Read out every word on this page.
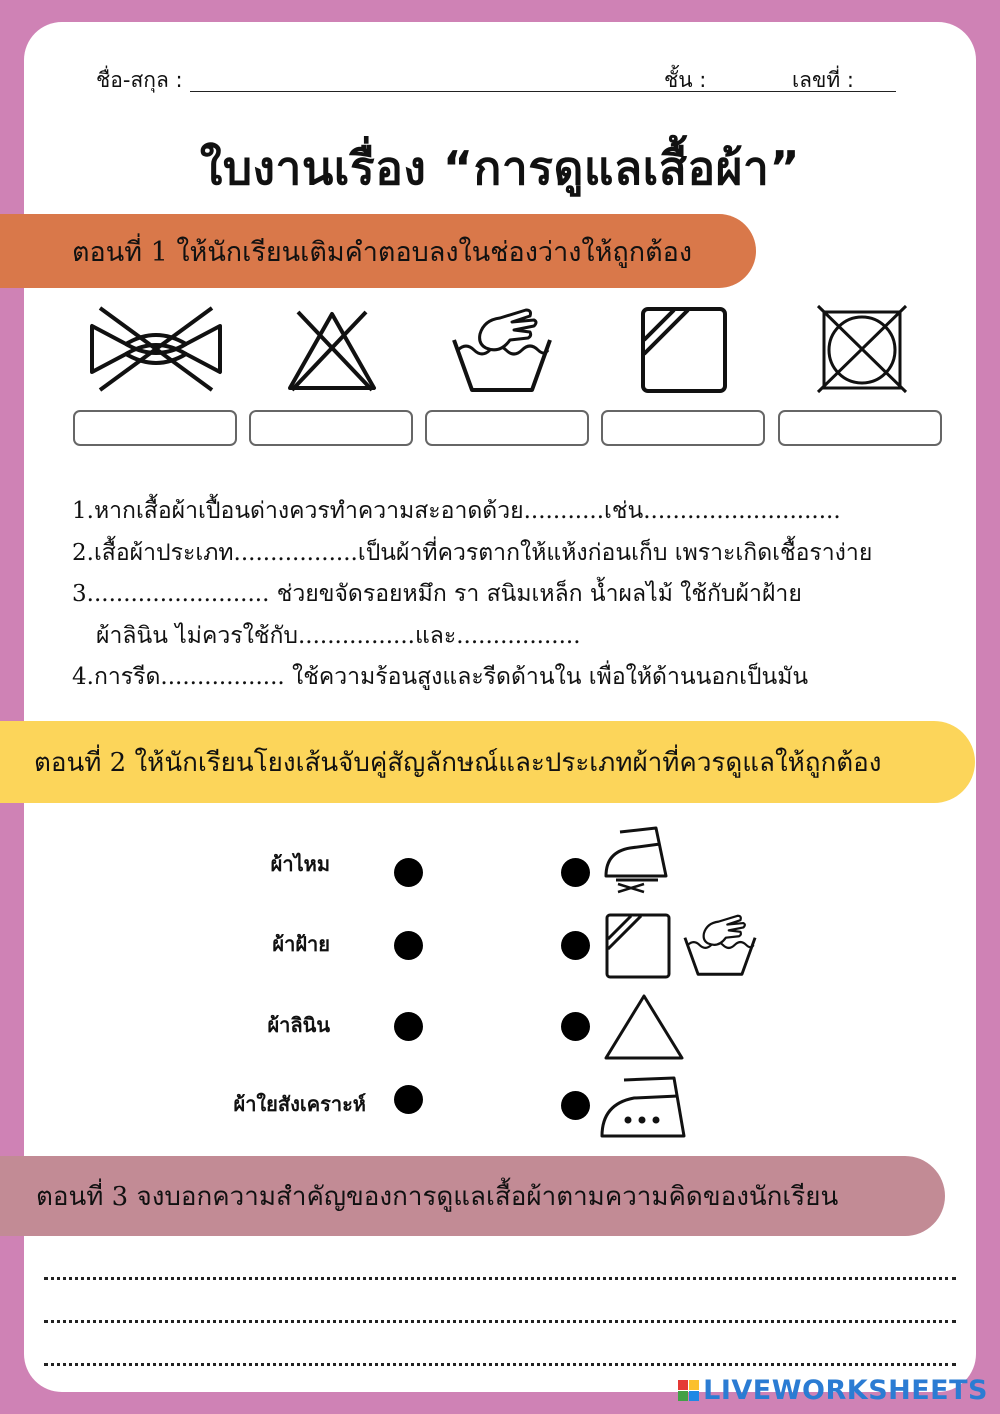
ชื่อ-สกุล :	ชั้น :	เลขที่ :
ใบงานเรื่อง “การดูแลเสื้อผ้า”
ตอนที่ 1 ให้นักเรียนเติมคำตอบลงในช่องว่างให้ถูกต้อง
1.หากเสื้อผ้าเปื้อนด่างควรทำความสะอาดด้วย...........เช่น...........................
2.เสื้อผ้าประเภท.................เป็นผ้าที่ควรตากให้แห้งก่อนเก็บ เพราะเกิดเชื้อราง่าย
3......................... ช่วยขจัดรอยหมึก รา สนิมเหล็ก น้ำผลไม้ ใช้กับผ้าฝ้าย
ผ้าลินิน ไม่ควรใช้กับ................และ.................
4.การรีด................. ใช้ความร้อนสูงและรีดด้านใน เพื่อให้ด้านนอกเป็นมัน
ตอนที่ 2 ให้นักเรียนโยงเส้นจับคู่สัญลักษณ์และประเภทผ้าที่ควรดูแลให้ถูกต้อง
ผ้าไหม
ผ้าฝ้าย
ผ้าลินิน
ผ้าใยสังเคราะห์
ตอนที่ 3 จงบอกความสำคัญของการดูแลเสื้อผ้าตามความคิดของนักเรียน
LIVEWORKSHEETS
